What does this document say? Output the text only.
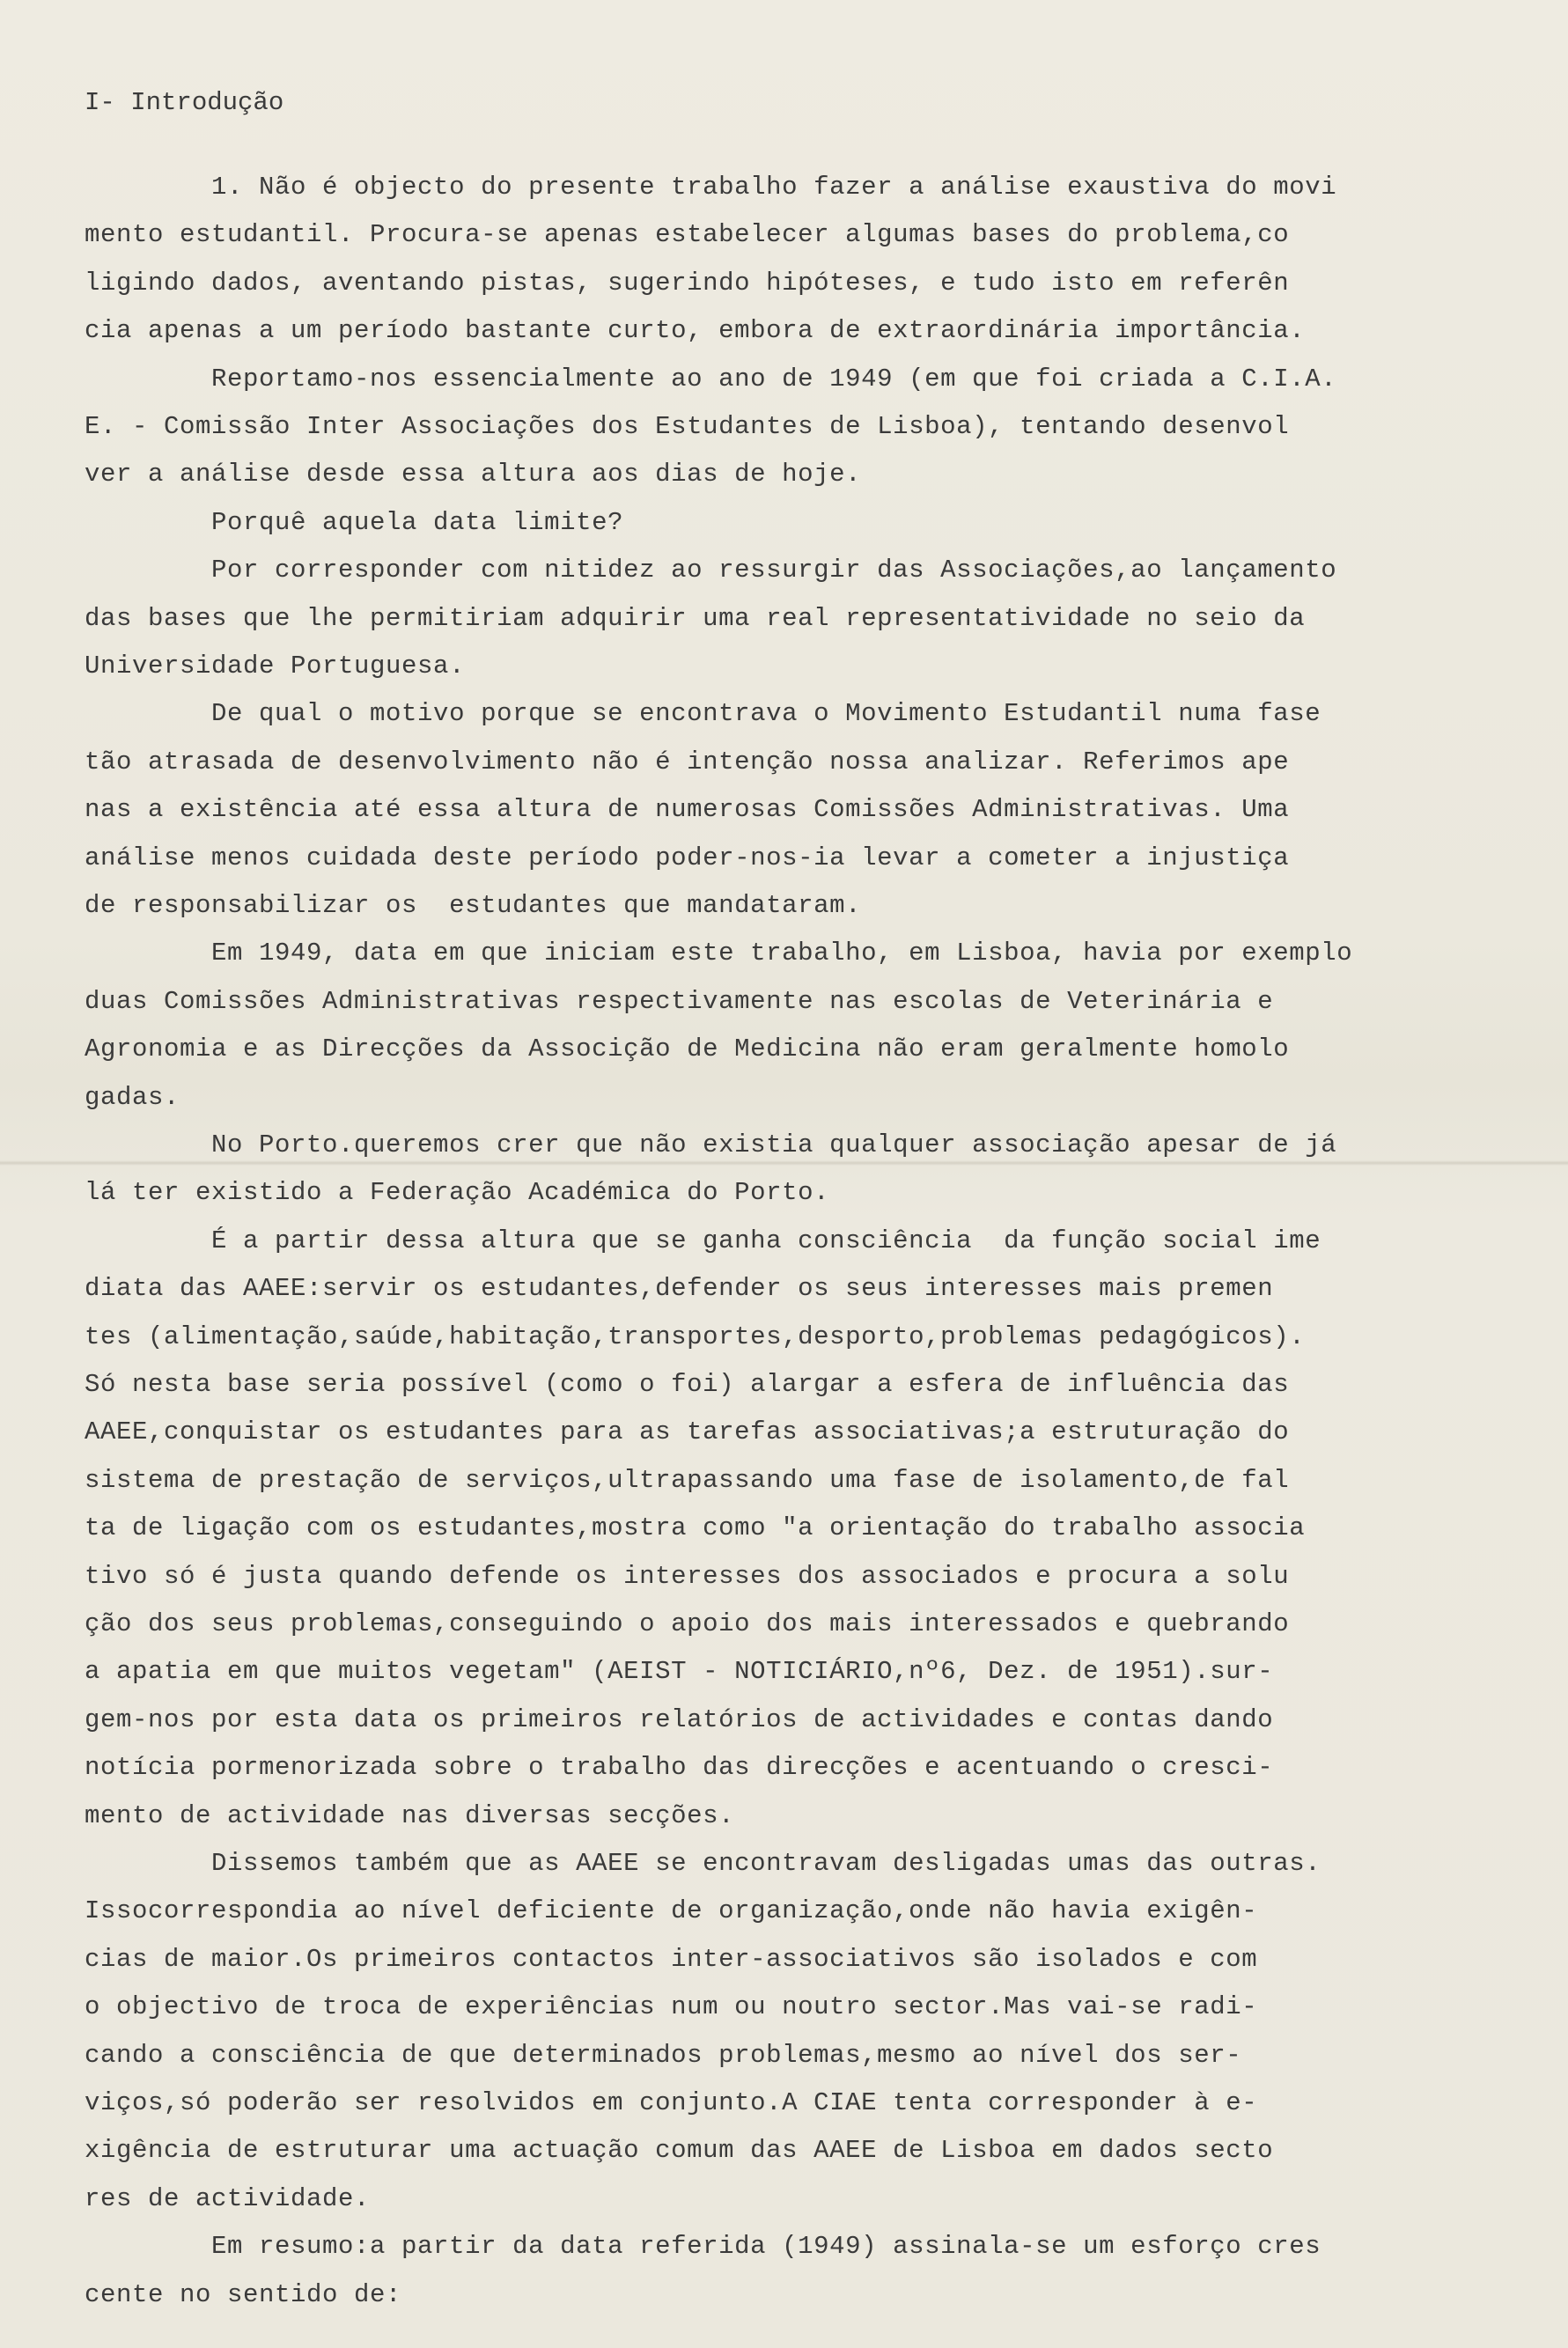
I- Introdução
1. Não é objecto do presente trabalho fazer a análise exaustiva do movi
mento estudantil. Procura-se apenas estabelecer algumas bases do problema,co
ligindo dados, aventando pistas, sugerindo hipóteses, e tudo isto em referên
cia apenas a um período bastante curto, embora de extraordinária importância.
Reportamo-nos essencialmente ao ano de 1949 (em que foi criada a C.I.A.
E. - Comissão Inter Associações dos Estudantes de Lisboa), tentando desenvol
ver a análise desde essa altura aos dias de hoje.
Porquê aquela data limite?
Por corresponder com nitidez ao ressurgir das Associações,ao lançamento
das bases que lhe permitiriam adquirir uma real representatividade no seio da
Universidade Portuguesa.
De qual o motivo porque se encontrava o Movimento Estudantil numa fase
tão atrasada de desenvolvimento não é intenção nossa analizar. Referimos ape
nas a existência até essa altura de numerosas Comissões Administrativas. Uma
análise menos cuidada deste período poder-nos-ia levar a cometer a injustiça
de responsabilizar os  estudantes que mandataram.
Em 1949, data em que iniciam este trabalho, em Lisboa, havia por exemplo
duas Comissões Administrativas respectivamente nas escolas de Veterinária e
Agronomia e as Direcções da Associção de Medicina não eram geralmente homolo
gadas.
No Porto.queremos crer que não existia qualquer associação apesar de já
lá ter existido a Federação Académica do Porto.
É a partir dessa altura que se ganha consciência  da função social ime
diata das AAEE:servir os estudantes,defender os seus interesses mais premen
tes (alimentação,saúde,habitação,transportes,desporto,problemas pedagógicos).
Só nesta base seria possível (como o foi) alargar a esfera de influência das
AAEE,conquistar os estudantes para as tarefas associativas;a estruturação do
sistema de prestação de serviços,ultrapassando uma fase de isolamento,de fal
ta de ligação com os estudantes,mostra como "a orientação do trabalho associa
tivo só é justa quando defende os interesses dos associados e procura a solu
ção dos seus problemas,conseguindo o apoio dos mais interessados e quebrando
a apatia em que muitos vegetam" (AEIST - NOTICIÁRIO,nº6, Dez. de 1951).sur-
gem-nos por esta data os primeiros relatórios de actividades e contas dando
notícia pormenorizada sobre o trabalho das direcções e acentuando o cresci-
mento de actividade nas diversas secções.
Dissemos também que as AAEE se encontravam desligadas umas das outras.
Issocorrespondia ao nível deficiente de organização,onde não havia exigên-
cias de maior.Os primeiros contactos inter-associativos são isolados e com
o objectivo de troca de experiências num ou noutro sector.Mas vai-se radi-
cando a consciência de que determinados problemas,mesmo ao nível dos ser-
viços,só poderão ser resolvidos em conjunto.A CIAE tenta corresponder à e-
xigência de estruturar uma actuação comum das AAEE de Lisboa em dados secto
res de actividade.
Em resumo:a partir da data referida (1949) assinala-se um esforço cres
cente no sentido de:
